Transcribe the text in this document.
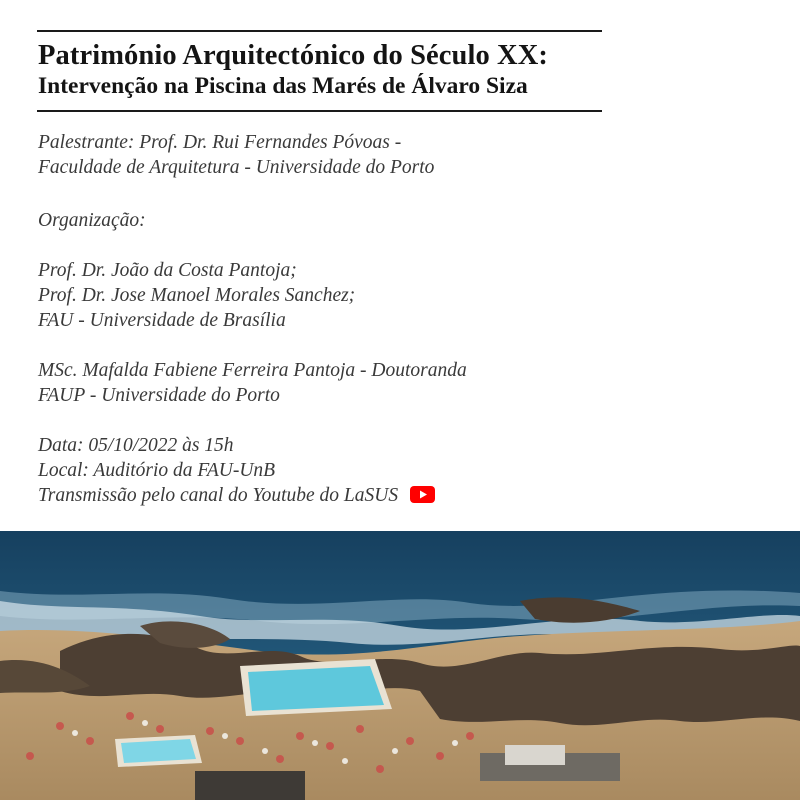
Património Arquitectónico do Século XX:
Intervenção na Piscina das Marés de Álvaro Siza
Palestrante: Prof. Dr. Rui Fernandes Póvoas -
Faculdade de Arquitetura - Universidade do Porto
Organização:
Prof. Dr. João da Costa Pantoja;
Prof. Dr. Jose Manoel Morales Sanchez;
FAU - Universidade de Brasília
MSc. Mafalda Fabiene Ferreira Pantoja - Doutoranda
FAUP - Universidade do Porto
Data: 05/10/2022 às 15h
Local: Auditório da FAU-UnB
Transmissão pelo canal do Youtube do LaSUS
